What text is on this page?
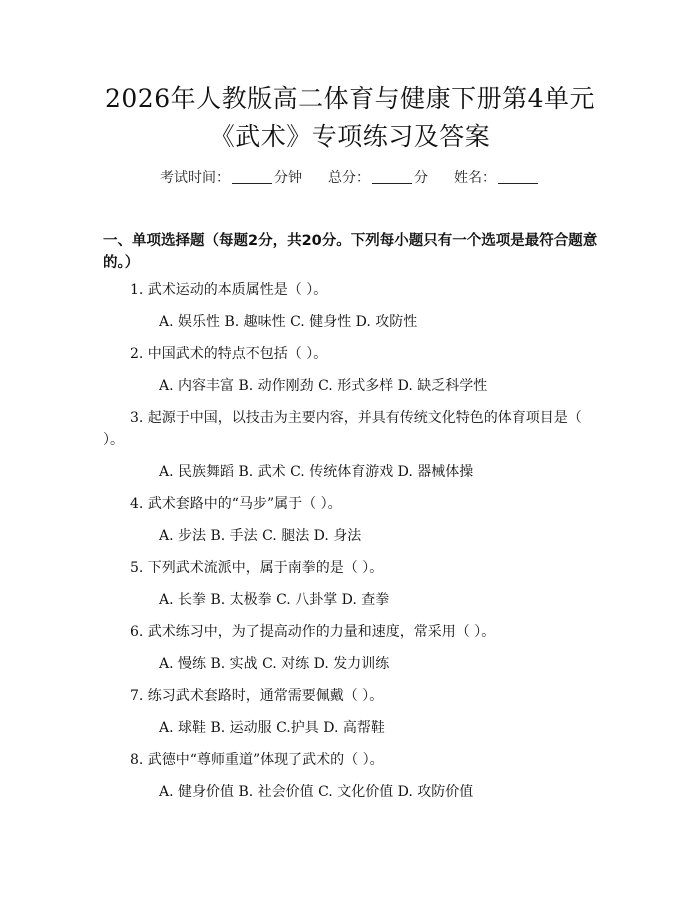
2026年人教版高二体育与健康下册第4单元
《武术》专项练习及答案
考试时间：	分钟 总分：	分 姓名：
一、单项选择题（每题2分，共20分。下列每小题只有一个选项是最符合题意的。）
1. 武术运动的本质属性是（ ）。
A. 娱乐性 B. 趣味性 C. 健身性 D. 攻防性
2. 中国武术的特点不包括（ ）。
A. 内容丰富 B. 动作刚劲 C. 形式多样 D. 缺乏科学性
3. 起源于中国，以技击为主要内容，并具有传统文化特色的体育项目是（ ）。
A. 民族舞蹈 B. 武术 C. 传统体育游戏 D. 器械体操
4. 武术套路中的“马步”属于（ ）。
A. 步法 B. 手法 C. 腿法 D. 身法
5. 下列武术流派中，属于南拳的是（ ）。
A. 长拳 B. 太极拳 C. 八卦掌 D. 查拳
6. 武术练习中，为了提高动作的力量和速度，常采用（ ）。
A. 慢练 B. 实战 C. 对练 D. 发力训练
7. 练习武术套路时，通常需要佩戴（ ）。
A. 球鞋 B. 运动服 C.护具 D. 高帮鞋
8. 武德中“尊师重道”体现了武术的（ ）。
A. 健身价值 B. 社会价值 C. 文化价值 D. 攻防价值
